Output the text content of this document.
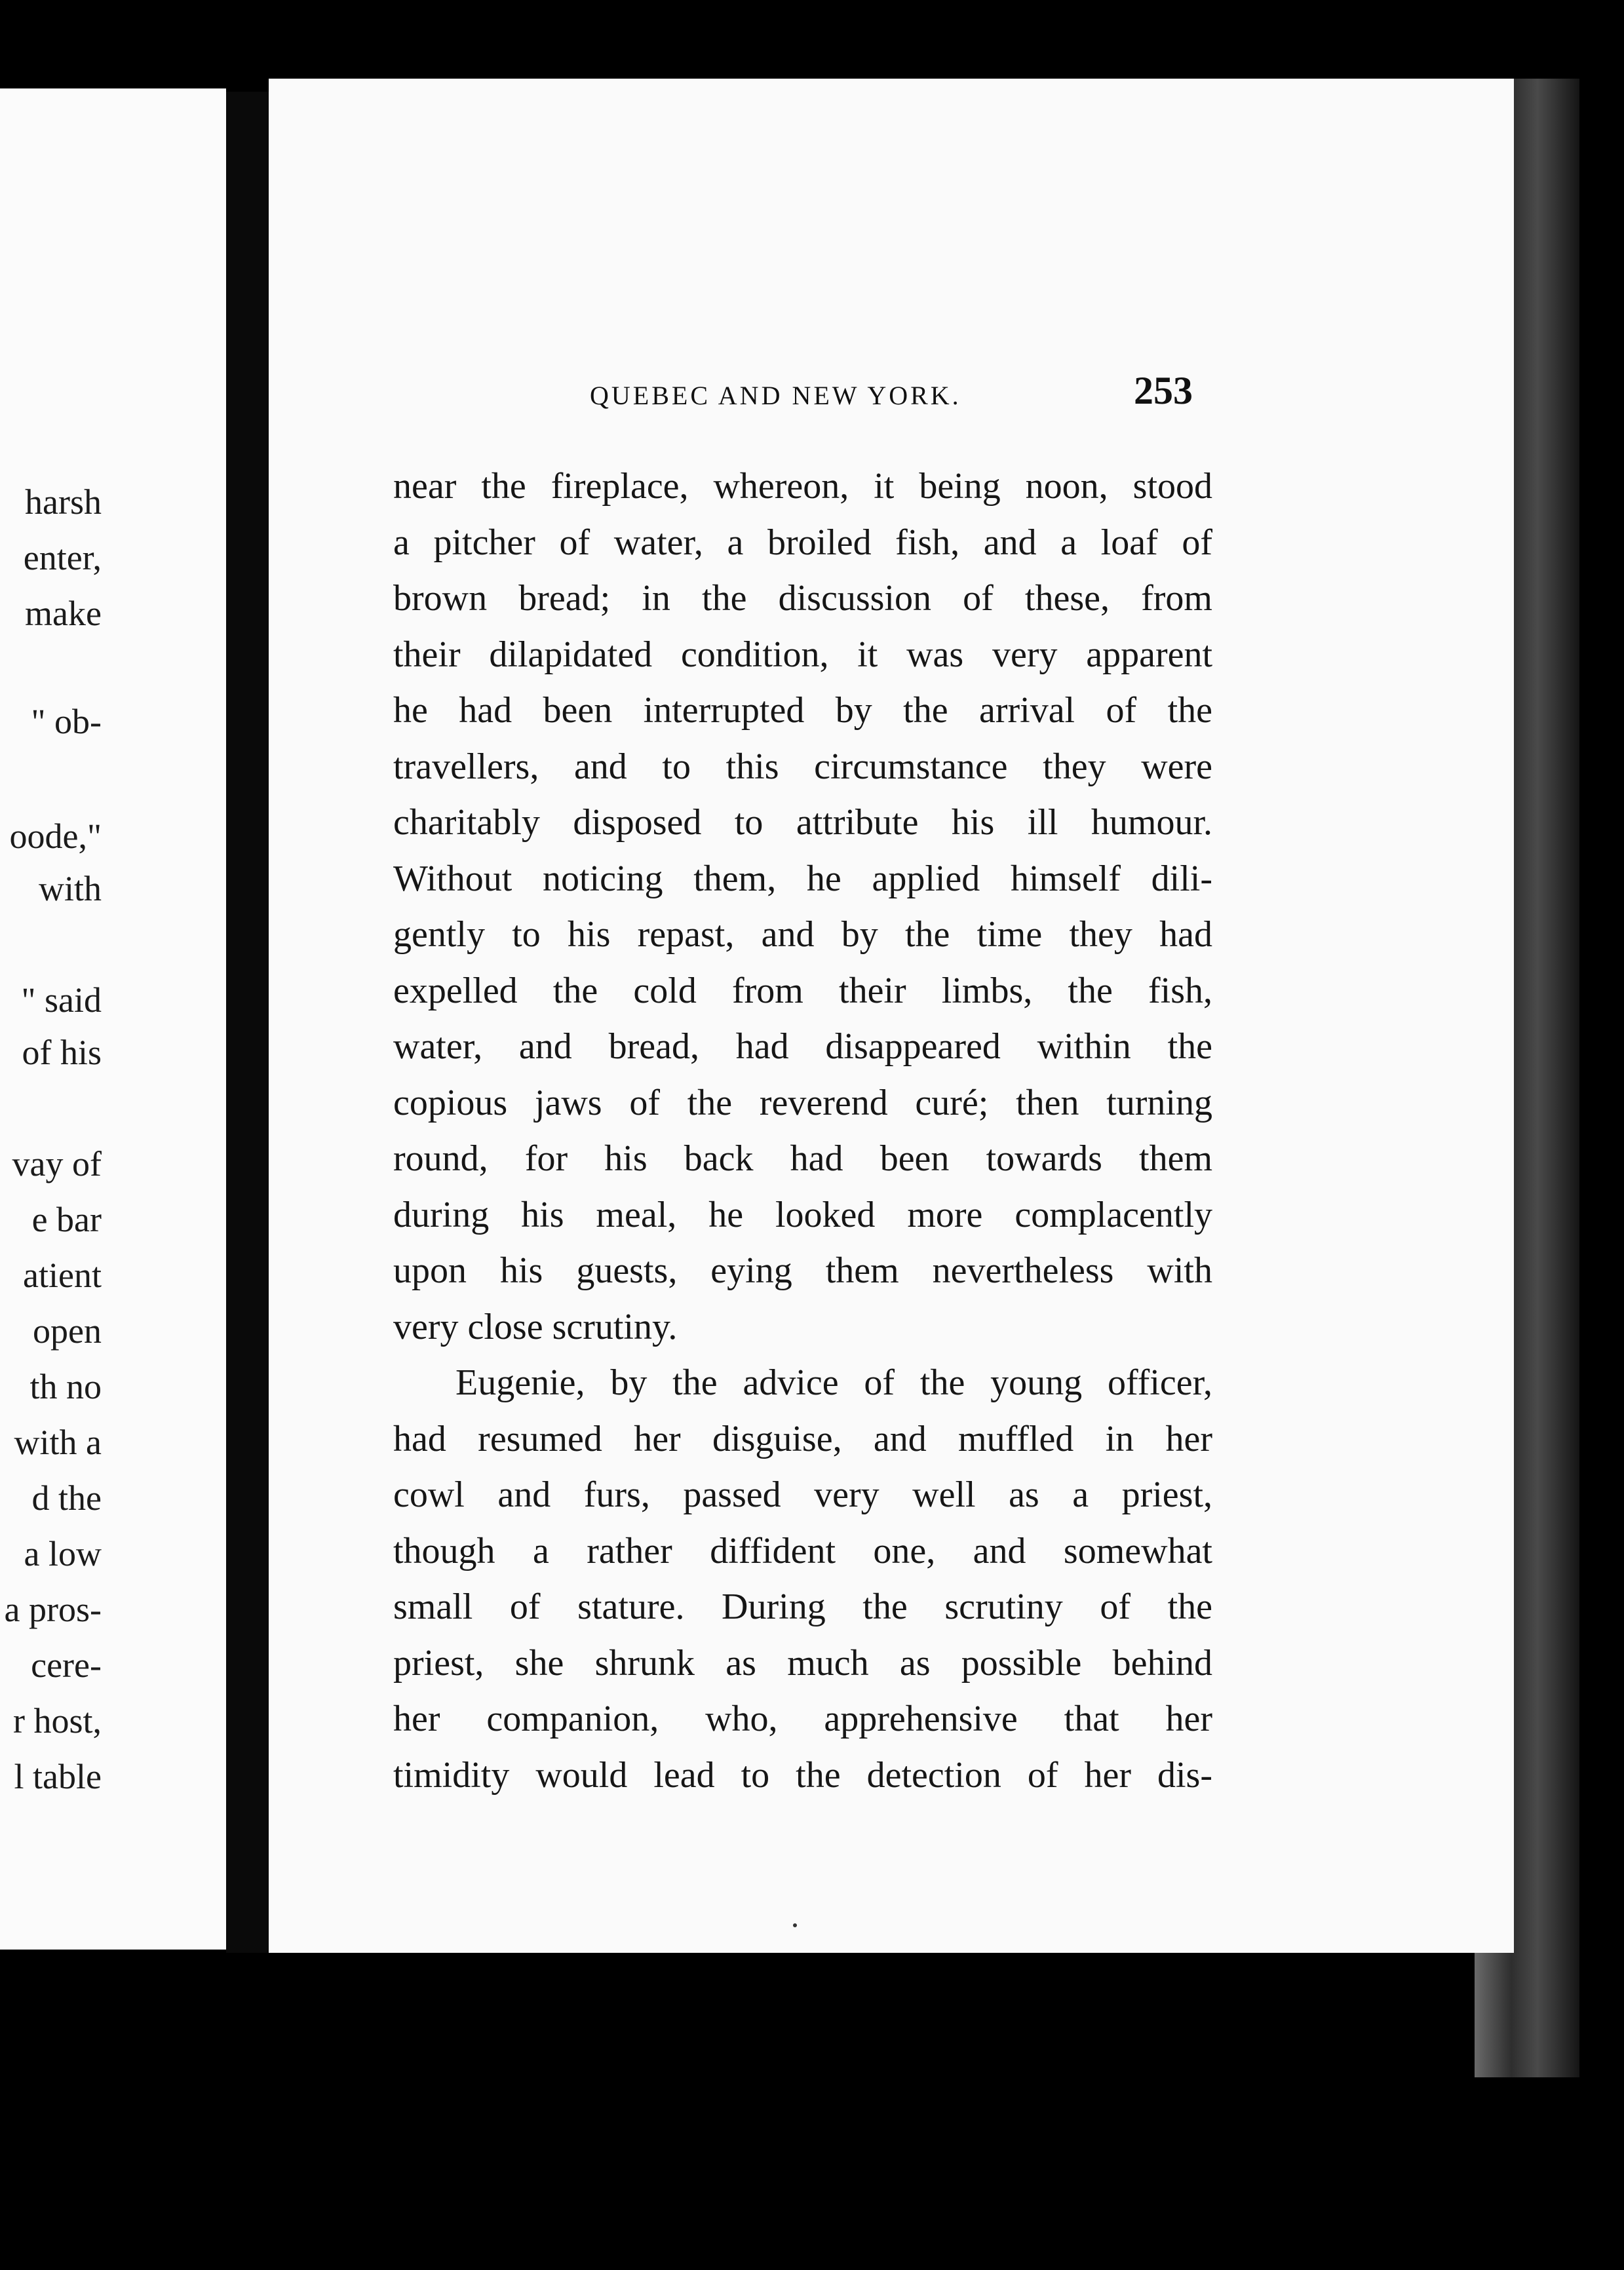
harsh
enter,
make
" ob-
oode,"
with
" said
of his
vay of
e bar
atient
open
th no
with a
d the
a low
a pros-
cere-
r host,
l table
QUEBEC AND NEW YORK.	253
near the fireplace, whereon, it being noon, stood
a pitcher of water, a broiled fish, and a loaf of
brown bread; in the discussion of these, from
their dilapidated condition, it was very apparent
he had been interrupted by the arrival of the
travellers, and to this circumstance they were
charitably disposed to attribute his ill humour.
Without noticing them, he applied himself dili-
gently to his repast, and by the time they had
expelled the cold from their limbs, the fish,
water, and bread, had disappeared within the
copious jaws of the reverend curé; then turning
round, for his back had been towards them
during his meal, he looked more complacently
upon his guests, eying them nevertheless with
very close scrutiny.
Eugenie, by the advice of the young officer,
had resumed her disguise, and muffled in her
cowl and furs, passed very well as a priest,
though a rather diffident one, and somewhat
small of stature. During the scrutiny of the
priest, she shrunk as much as possible behind
her companion, who, apprehensive that her
timidity would lead to the detection of her dis-
